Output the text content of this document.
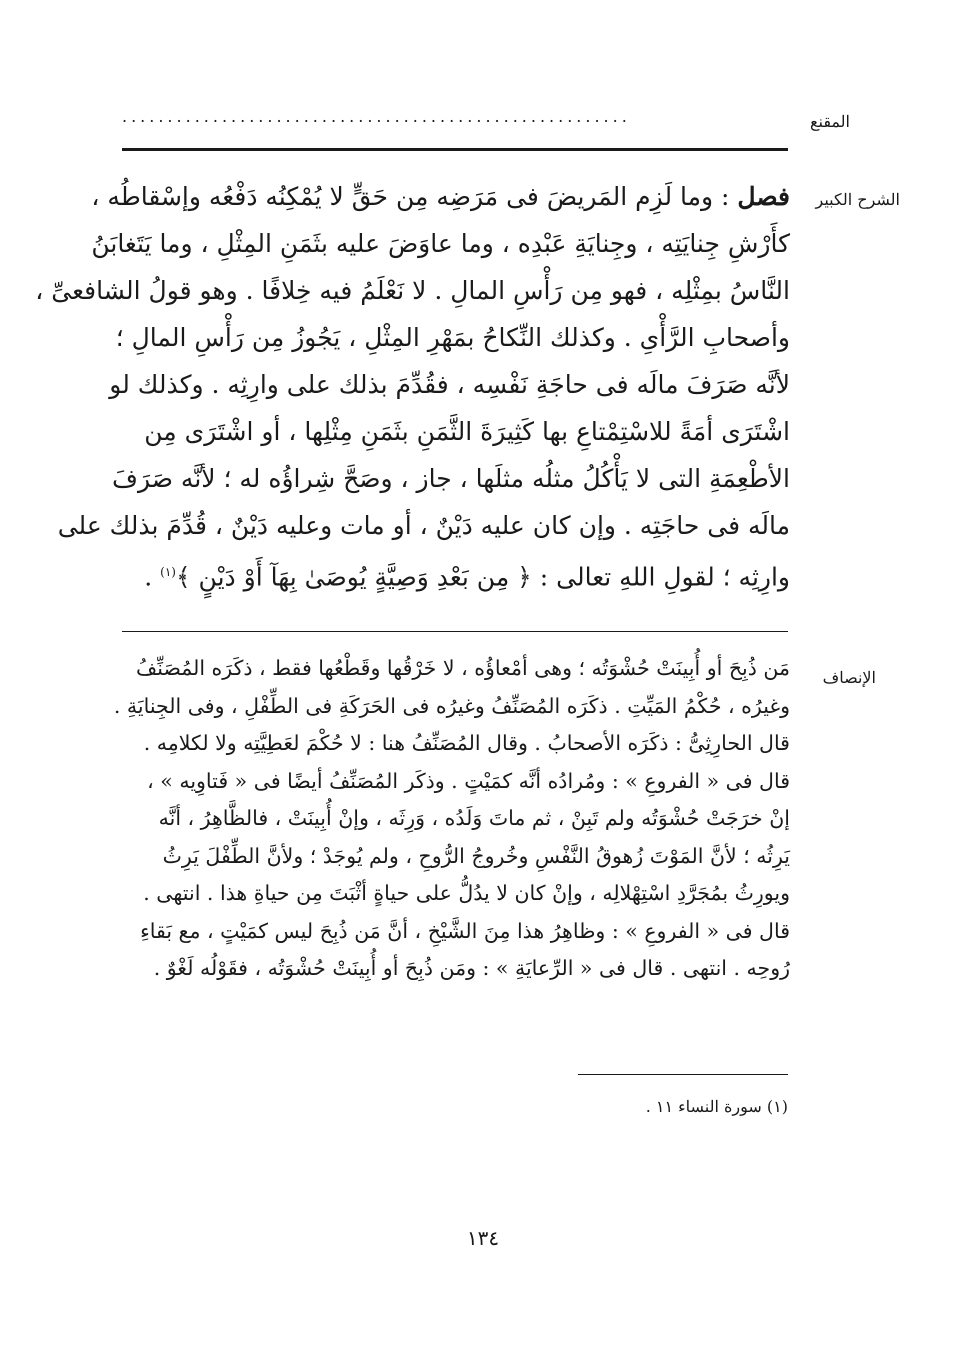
المقنع
........................................................
الشرح الكبير
الإنصاف
فصل : وما لَزِم المَريضَ فى مَرَضِه مِن حَقٍّ لا يُمْكِنُه دَفْعُه وإسْقاطُه ،
كأَرْشِ جِنايَتِه ، وجِنايَةِ عَبْدِه ، وما عاوَضَ عليه بثَمَنِ المِثْلِ ، وما يَتَغابَنُ
النَّاسُ بمِثْلِه ، فهو مِن رَأْسِ المالِ . لا نَعْلَمُ فيه خِلافًا . وهو قولُ الشافعىِّ ،
وأصحابِ الرَّأْىِ . وكذلك النِّكاحُ بمَهْرِ المِثْلِ ، يَجُوزُ مِن رَأْسِ المالِ ؛
لأنَّه صَرَفَ مالَه فى حاجَةِ نَفْسِه ، فقُدِّمَ بذلك على وارِثِه . وكذلك لو
اشْتَرَى أمَةً للاسْتِمْتاعِ بها كَثِيرَةَ الثَّمَنِ بثَمَنِ مِثْلِها ، أو اشْتَرَى مِن
الأطْعِمَةِ التى لا يَأْكُلُ مثلُه مثلَها ، جاز ، وصَحَّ شِراؤُه له ؛ لأنَّه صَرَفَ
مالَه فى حاجَتِه . وإن كان عليه دَيْنٌ ، أو مات وعليه دَيْنٌ ، قُدِّمَ بذلك على
وارِثِه ؛ لقولِ اللهِ تعالى : ﴿ مِن بَعْدِ وَصِيَّةٍ يُوصَىٰ بِهَآ أَوْ دَيْنٍ ﴾$^{(١)}$ .
مَن ذُبِحَ أو أُبِينَتْ حُشْوَتُه ؛ وهى أمْعاؤُه ، لا خَرْقُها وقَطْعُها فقط ، ذكَرَه المُصَنِّفُ
وغيرُه ، حُكْمُ المَيِّتِ . ذكَرَه المُصَنِّفُ وغيرُه فى الحَرَكَةِ فى الطِّفْلِ ، وفى الجِنايَةِ .
قال الحارِثِىُّ : ذكَرَه الأصحابُ . وقال المُصَنِّفُ هنا : لا حُكْمَ لعَطِيَّتِه ولا لكلامِه .
قال فى « الفروعِ » : ومُرادُه أنَّه كمَيْتٍ . وذكَر المُصَنِّفُ أيضًا فى « فَتاوِيه » ،
إنْ خرَجَتْ حُشْوَتُه ولم تَبِنْ ، ثم ماتَ وَلَدُه ، وَرِثَه ، وإنْ أُبِينَتْ ، فالظَّاهِرُ ، أنَّه
يَرِثُه ؛ لأنَّ المَوْتَ زُهوقُ النَّفْسِ وخُروجُ الرُّوحِ ، ولم يُوجَدْ ؛ ولأنَّ الطِّفْلَ يَرِثُ
ويورِثُ بمُجَرَّدِ اسْتِهْلالِه ، وإنْ كان لا يدُلُّ على حياةٍ أثْبَتَ مِن حياةِ هذا . انتهى .
قال فى « الفروعِ » : وظاهِرُ هذا مِنَ الشَّيْخِ ، أنَّ مَن ذُبِحَ ليس كمَيْتٍ ، مع بَقاءِ
رُوحِه . انتهى . قال فى « الرِّعايَةِ » : ومَن ذُبِحَ أو أُبِينَتْ حُشْوَتُه ، فقَوْلُه لَغْوٌ .
(١) سورة النساء ١١ .
١٣٤
